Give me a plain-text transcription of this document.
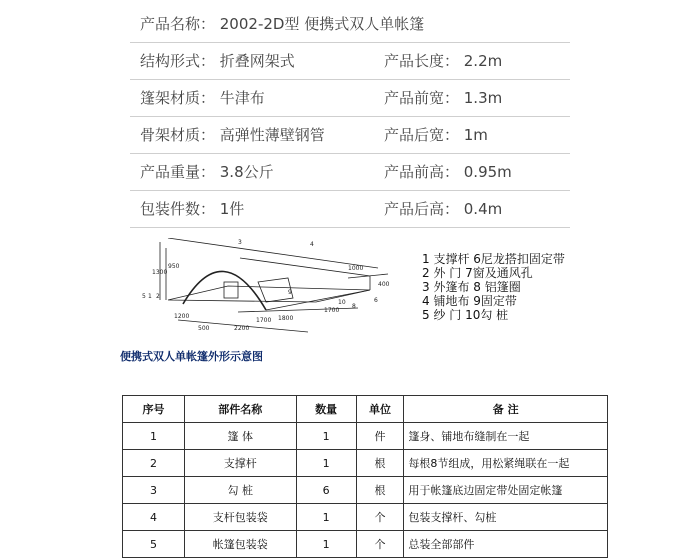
产品名称： 2002-2D型 便携式双人单帐篷
结构形式： 折叠网架式	产品长度： 2.2m
篷架材质： 牛津布	产品前宽： 1.3m
骨架材质： 高弹性薄壁钢管	产品后宽： 1m
产品重量： 3.8公斤	产品前高： 0.95m
包装件数： 1件	产品后高： 0.4m
1300
950	1000
400
2200
1700
1800
500
1200
1700
1 2
3	4
5
6
8
9
10
1 支撑杆 6尼龙搭扣固定带
2 外 门 7窗及通风孔
3 外篷布 8 铝篷圈
4 铺地布 9固定带
5 纱 门 10勾 桩
便携式双人单帐篷外形示意图
序号	部件名称	数量	单位	备 注
1	篷 体	1	件	篷身、铺地布缝制在一起
2	支撑杆	1	根	每根8节组成，用松紧绳联在一起
3	勾 桩	6	根	用于帐篷底边固定带处固定帐篷
4	支杆包装袋	1	个	包装支撑杆、勾桩
5	帐篷包装袋	1	个	总装全部部件
